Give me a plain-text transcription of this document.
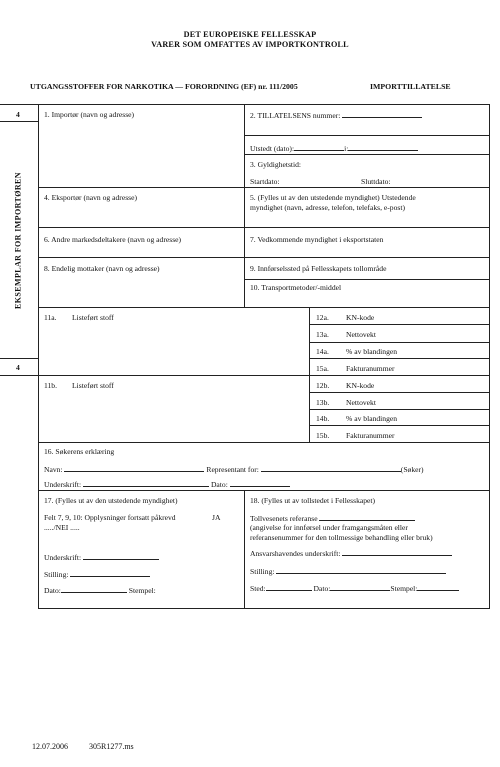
DET EUROPEISKE FELLESSKAP
VARER SOM OMFATTES AV IMPORTKONTROLL
UTGANGSSTOFFER FOR NARKOTIKA — FORORDNING (EF) nr. 111/2005	IMPORTTILLATELSE
4
EKSEMPLAR FOR IMPORTØREN
4
1. Importør (navn og adresse)	2. TILLATELSENS nummer:
Utstedt (dato):	i:
3. Gyldighetstid:
Startdato:	Sluttdato:
4. Eksportør (navn og adresse)	5. (Fylles ut av den utstedende myndighet) Utstedende
myndighet (navn, adresse, telefon, telefaks, e-post)
6. Andre markedsdeltakere (navn og adresse)	7. Vedkommende myndighet i eksportstaten
8. Endelig mottaker (navn og adresse)	9. Innførselssted på Fellesskapets tollområde
10. Transportmetoder/-middel
11a. Listeført stoff	12a. KN-kode
13a. Nettovekt
14a. % av blandingen
15a. Fakturanummer
11b. Listeført stoff	12b. KN-kode
13b. Nettovekt
14b. % av blandingen
15b. Fakturanummer
16. Søkerens erklæring
Navn:	Representant for:	(Søker)
Underskrift:	Dato:
17. (Fylles ut av den utstedende myndighet)
Felt 7, 9, 10: Opplysninger fortsatt påkrevd	JA
...../NEI .....
Underskrift:
Stilling:
Dato:	Stempel:
18. (Fylles ut av tollstedet i Fellesskapet)
Tollvesenets referanse
(angivelse for innførsel under framgangsmåten eller
referansenummer for den tollmessige behandling eller bruk)
Ansvarshavendes underskrift:
Stilling:
Sted:	Dato:	Stempel:
12.07.2006	305R1277.ms
